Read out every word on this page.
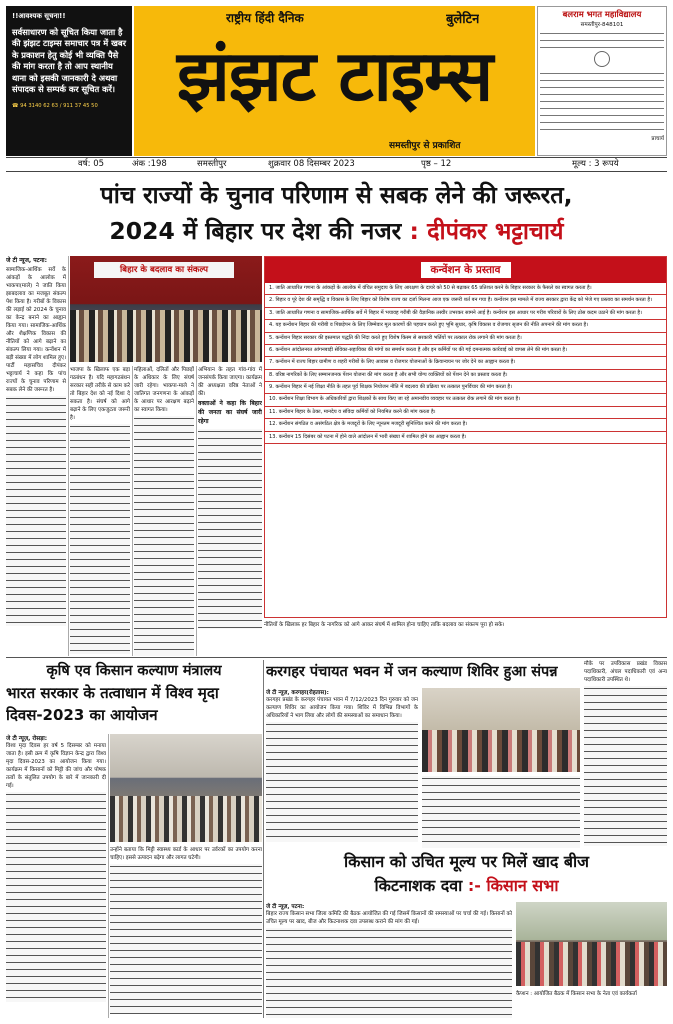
!!आवश्यक सूचना!!
सर्वसाधारण को सूचित किया जाता है की झंझट टाइम्स समाचार पत्र में खबर के प्रकाशन हेतु कोई भी व्यक्ति पैसे की मांग करता है तो आप स्थानीय थाना को इसकी जानकारी दे अथवा संपादक से सम्पर्क कर सूचित करें।
☎ 94 3140 62 63 / 911 37 45 50
राष्ट्रीय हिंदी दैनिक	बुलेटिन
झंझट टाइम्स
समस्तीपुर से प्रकाशित
बलराम भगत महाविद्यालय
समस्तीपुर-848101
प्राचार्य
वर्ष: 05	अंक :198	समस्तीपुर	शुक्रवार 08 दिसम्बर 2023	पृष्ठ – 12	मूल्य : 3 रूपये
पांच राज्यों के चुनाव परिणाम से सबक लेने की जरूरत,
2024 में बिहार पर देश की नजर : दीपंकर भट्टाचार्य
जे टी न्यूज, पटना:

सामाजिक-आर्थिक सर्वे के आंकड़ों के आलोक में भाकपा(माले) ने जाति किया झाबदलाव का मजबूत संकल्प पेश किया है। गरीबों के विकास की लड़ाई को 2024 के चुनाव का केन्द्र बनाने का आह्वान किया गया। सामाजिक-आर्थिक और शैक्षणिक विकास की नीतियों को आगे बढ़ाने का संकल्प लिया गया। कन्वेंशन में बड़ी संख्या में लोग शामिल हुए। पार्टी महासचिव दीपंकर भट्टाचार्य ने कहा कि पांच राज्यों के चुनाव परिणाम से सबक लेने की जरूरत है।

बिहार के बदलाव का संकल्प

भाजपा के खिलाफ एक बड़ा गठबंधन है। यदि महागठबंधन सरकार सही तरीके से काम करे तो बिहार देश को नई दिशा दे सकता है। संघर्ष को आगे बढ़ाने के लिए एकजुटता जरूरी है।

महिलाओं, दलितों और पिछड़ों के अधिकार के लिए संघर्ष जारी रहेगा। भाकपा-माले ने जातिगत जनगणना के आंकड़ों के आधार पर आरक्षण बढ़ाने का स्वागत किया।

अभियान के तहत गांव-गांव में जनसंपर्क किया जाएगा। कार्यक्रम की अध्यक्षता वरिष्ठ नेताओं ने की।

वक्ताओं ने कहा कि बिहार की जनता का संघर्ष जारी रहेगा

कन्वेंशन के प्रस्ताव
1. जाति आधारित गणना के आंकड़ों के आलोक में वंचित समुदाय के लिए आरक्षण के दायरे को 50 से बढ़ाकर 65 प्रतिशत करने के बिहार सरकार के फैसले का स्वागत करता है।
2. बिहार व पूरे देश की समृद्धि व विकास के लिए बिहार को विशेष राज्य का दर्जा मिलना आज एक जरूरी शर्त बन गया है। कन्वेंशन इस मामले में राज्य सरकार द्वारा केंद्र को भेजे गए प्रस्ताव का समर्थन करता है।
3. जाति आधारित गणना व सामाजिक-आर्थिक सर्वे में बिहार में भयावह गरीबी की वैज्ञानिक तस्वीर उभरकर सामने आई है। कन्वेंशन इस आधार पर गरीब परिवारों के लिए ठोस कदम उठाने की मांग करता है।
4. यह कन्वेंशन बिहार की गरीबी व पिछड़ेपन के लिए जिम्मेवार मूल कारणों की पहचान करते हुए भूमि सुधार, कृषि विकास व रोजगार सृजन की नीति अपनाने की मांग करता है।
5. कन्वेंशन बिहार सरकार की इस्तमाल पद्धति की निंदा करते हुए विशेष किस्म से सरकारी भर्तियों पर तत्काल रोक लगाने की मांग करता है।
6. कन्वेंशन आंदोलनरत आंगनबाड़ी सेविका-सहायिका की मांगों का समर्थन करता है और इन कर्मियों पर की गई दमनात्मक कार्रवाई को वापस लेने की मांग करता है।
7. कन्वेंशन में राज्य बिहार ग्रामीण व शहरी गरीबों के लिए आवास व रोजगार योजनाओं के क्रियान्वयन पर जोर देने का आह्वान करता है।
8. वरिष्ठ नागरिकों के लिए सम्मानजनक पेंशन योजना की मांग करता है और सभी योग्य व्यक्तियों को पेंशन देने का प्रस्ताव करता है।
9. कन्वेंशन बिहार में नई शिक्षा नीति के तहत पूर्व शिक्षक नियोजन नीति में बदलाव की प्रक्रिया पर तत्काल पुनर्विचार की मांग करता है।
10. कन्वेंशन शिक्षा विभाग के अधिकारियों द्वारा शिक्षकों के साथ किए जा रहे अमानवीय व्यवहार पर तत्काल रोक लगाने की मांग करता है।
11. कन्वेंशन बिहार के ठेका, मानदेय व संविदा कर्मियों को नियमित करने की मांग करता है।
12. कन्वेंशन संगठित व असंगठित क्षेत्र के मजदूरों के लिए न्यूनतम मजदूरी सुनिश्चित करने की मांग करता है।
13. कन्वेंशन 15 दिसंबर को पटना में होने वाले आंदोलन में भारी संख्या में शामिल होने का आह्वान करता है।
नीतियों के खिलाफ़ हर बिहार के नागरिक को आगे आकर संघर्ष में शामिल होना चाहिए ताकि बदलाव का संकल्प पूरा हो सके।
कृषि एव किसान कल्याण मंत्रालय
भारत सरकार के तत्वाधान में विश्व मृदा
दिवस-2023 का आयोजन
जे टी न्यूज़, रोसड़ा:

विश्व मृदा दिवस हर वर्ष 5 दिसम्बर को मनाया जाता है। इसी क्रम में कृषि विज्ञान केन्द्र द्वारा विश्व मृदा दिवस-2023 का आयोजन किया गया। कार्यक्रम में किसानों को मिट्टी की जांच और पोषक तत्वों के संतुलित उपयोग के बारे में जानकारी दी गई।

उन्होंने बताया कि मिट्टी स्वास्थ्य कार्ड के आधार पर उर्वरकों का उपयोग करना चाहिए। इससे उत्पादन बढ़ेगा और लागत घटेगी।

करगहर पंचायत भवन में जन कल्याण शिविर हुआ संपन्न
जे टी न्यूज़, करगहर(रोहतास):

करगहर प्रखंड के करगहर पंचायत भवन में 7/12/2023 दिन गुरुवार को जन कल्याण शिविर का आयोजन किया गया। शिविर में विभिन्न विभागों के अधिकारियों ने भाग लिया और लोगों की समस्याओं का समाधान किया।

मौके पर उपविकास प्रखंड विकास पदाधिकारी, अंचल पदाधिकारी एवं अन्य पदाधिकारी उपस्थित थे।

किसान को उचित मूल्य पर मिलें खाद बीज
किटनाशक दवा :- किसान सभा
जे टी न्यूज़, पटना:

बिहार राज्य किसान सभा जिला कमिटि की बैठक आयोजित की गई जिसमें किसानों की समस्याओं पर चर्चा की गई। किसानों को उचित मूल्य पर खाद, बीज और किटनाशक दवा उपलब्ध कराने की मांग की गई।

कैप्शन : आयोजित बैठक में किसान सभा के नेता एवं कार्यकर्ता
